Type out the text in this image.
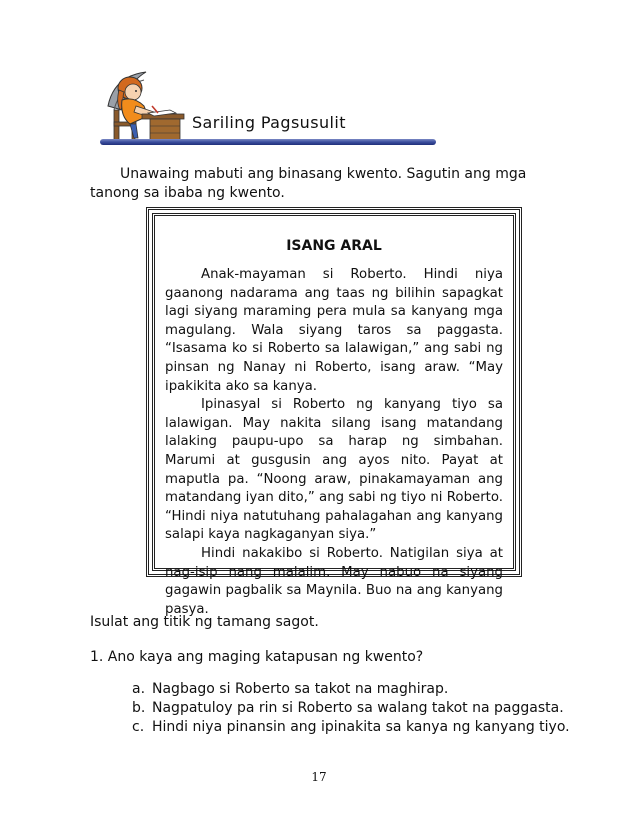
Sariling Pagsusulit

Unawaing mabuti ang binasang kwento. Sagutin ang mga tanong sa ibaba ng kwento.

ISANG ARAL

Anak-mayaman si Roberto. Hindi niya gaanong nadarama ang taas ng bilihin sapagkat lagi siyang maraming pera mula sa kanyang mga magulang. Wala siyang taros sa paggasta. “Isasama ko si Roberto sa lalawigan,” ang sabi ng pinsan ng Nanay ni Roberto, isang araw. “May ipakikita ako sa kanya.

Ipinasyal si Roberto ng kanyang tiyo sa lalawigan. May nakita silang isang matandang lalaking paupu-upo sa harap ng simbahan. Marumi at gusgusin ang ayos nito. Payat at maputla pa. “Noong araw, pinakamayaman ang matandang iyan dito,” ang sabi ng tiyo ni Roberto. “Hindi niya natutuhang pahalagahan ang kanyang salapi kaya nagkaganyan siya.”

Hindi nakakibo si Roberto. Natigilan siya at nag-isip nang malalim. May nabuo na siyang gagawin pagbalik sa Maynila. Buo na ang kanyang pasya.

Isulat ang titik ng tamang sagot.
1. Ano kaya ang maging katapusan ng kwento?
a. Nagbago si Roberto sa takot na maghirap.
b. Nagpatuloy pa rin si Roberto sa walang takot na paggasta.
c. Hindi niya pinansin ang ipinakita sa kanya ng kanyang tiyo.
17
